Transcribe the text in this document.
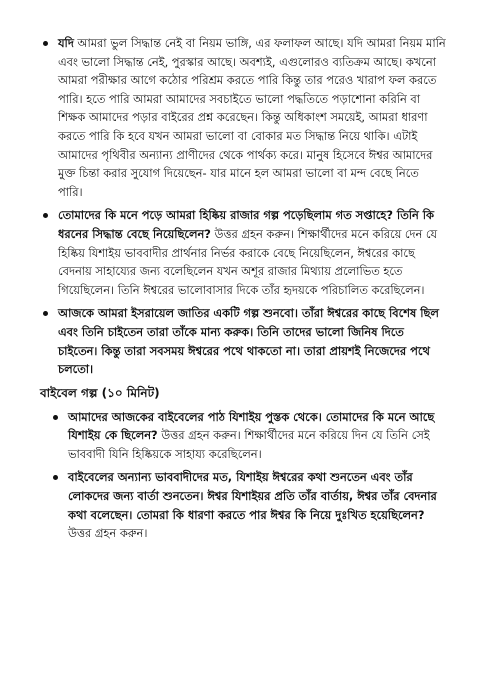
যদি আমরা ভুল সিদ্ধান্ত নেই বা নিয়ম ভাঙ্গি, এর ফলাফল আছে। যদি আমরা নিয়ম মানি এবং ভালো সিদ্ধান্ত নেই, পুরস্কার আছে। অবশ্যই, এগুলোরও ব্যতিক্রম আছে। কখনো আমরা পরীক্ষার আগে কঠোর পরিশ্রম করতে পারি কিন্তু তার পরেও খারাপ ফল করতে পারি। হতে পারি আমরা আমাদের সবচাইতে ভালো পদ্ধতিতে পড়াশোনা করিনি বা শিক্ষক আমাদের পড়ার বাইরের প্রশ্ন করেছেন। কিন্তু অধিকাংশ সময়েই, আমরা ধারণা করতে পারি কি হবে যখন আমরা ভালো বা বোকার মত সিদ্ধান্ত নিয়ে থাকি। এটাই আমাদের পৃথিবীর অন্যান্য প্রাণীদের থেকে পার্থক্য করে। মানুষ হিসেবে ঈশ্বর আমাদের মুক্ত চিন্তা করার সুযোগ দিয়েছেন- যার মানে হল আমরা ভালো বা মন্দ বেছে নিতে পারি।
তোমাদের কি মনে পড়ে আমরা হিষ্কিয় রাজার গল্প পড়েছিলাম গত সপ্তাহে? তিনি কি ধরনের সিদ্ধান্ত বেছে নিয়েছিলেন? উত্তর গ্রহন করুন। শিক্ষার্থীদের মনে করিয়ে দেন যে হিষ্কিয় যিশাইয় ভাববাদীর প্রার্থনার নির্ভর করাকে বেছে নিয়েছিলেন, ঈশ্বরের কাছে বেদনায় সাহায্যের জন্য বলেছিলেন যখন অশূর রাজার মিথ্যায় প্রলোভিত হতে গিয়েছিলেন। তিনি ঈশ্বরের ভালোবাসার দিকে তাঁর হৃদয়কে পরিচালিত করেছিলেন।
আজকে আমরা ইসরায়েল জাতির একটি গল্প শুনবো। তাঁরা ঈশ্বরের কাছে বিশেষ ছিল এবং তিনি চাইতেন তারা তাঁকে মান্য করুক। তিনি তাদের ভালো জিনিষ দিতে চাইতেন। কিন্তু তারা সবসময় ঈশ্বরের পথে থাকতো না। তারা প্রায়শই নিজেদের পথে চলতো।
বাইবেল গল্প (১০ মিনিট)
আমাদের আজকের বাইবেলের পাঠ যিশাইয় পুস্তক থেকে। তোমাদের কি মনে আছে যিশাইয় কে ছিলেন? উত্তর গ্রহন করুন। শিক্ষার্থীদের মনে করিয়ে দিন যে তিনি সেই ভাববাদী যিনি হিষ্কিয়কে সাহায্য করেছিলেন।
বাইবেলের অন্যান্য ভাববাদীদের মত, যিশাইয় ঈশ্বরের কথা শুনতেন এবং তাঁর লোকদের জন্য বার্তা শুনতেন। ঈশ্বর যিশাইয়র প্রতি তাঁর বার্তায়, ঈশ্বর তাঁর বেদনার কথা বলেছেন। তোমরা কি ধারণা করতে পার ঈশ্বর কি নিয়ে দুঃখিত হয়েছিলেন? উত্তর গ্রহন করুন।
